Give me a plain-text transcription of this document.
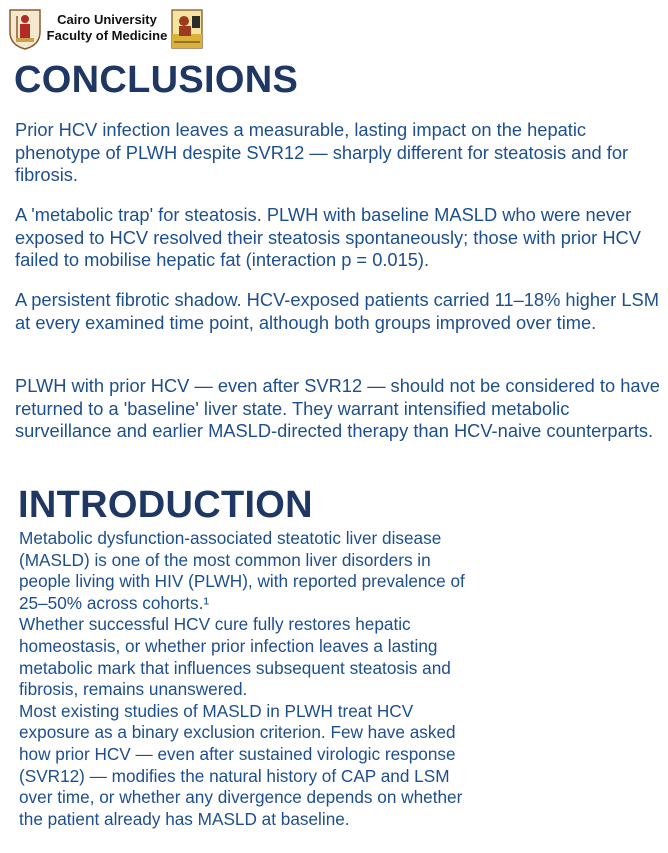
Cairo University
Faculty of Medicine
CONCLUSIONS

Prior HCV infection leaves a measurable, lasting impact on the hepatic phenotype of PLWH despite SVR12 — sharply different for steatosis and for fibrosis.

A 'metabolic trap' for steatosis. PLWH with baseline MASLD who were never exposed to HCV resolved their steatosis spontaneously; those with prior HCV failed to mobilise hepatic fat (interaction p = 0.015).

A persistent fibrotic shadow. HCV-exposed patients carried 11–18% higher LSM at every examined time point, although both groups improved over time.

PLWH with prior HCV — even after SVR12 — should not be considered to have returned to a 'baseline' liver state. They warrant intensified metabolic surveillance and earlier MASLD-directed therapy than HCV-naive counterparts.

INTRODUCTION

Metabolic dysfunction-associated steatotic liver disease
(MASLD) is one of the most common liver disorders in
people living with HIV (PLWH), with reported prevalence of
25–50% across cohorts.¹

Whether successful HCV cure fully restores hepatic
homeostasis, or whether prior infection leaves a lasting
metabolic mark that influences subsequent steatosis and
fibrosis, remains unanswered.

Most existing studies of MASLD in PLWH treat HCV
exposure as a binary exclusion criterion. Few have asked
how prior HCV — even after sustained virologic response
(SVR12) — modifies the natural history of CAP and LSM
over time, or whether any divergence depends on whether
the patient already has MASLD at baseline.
